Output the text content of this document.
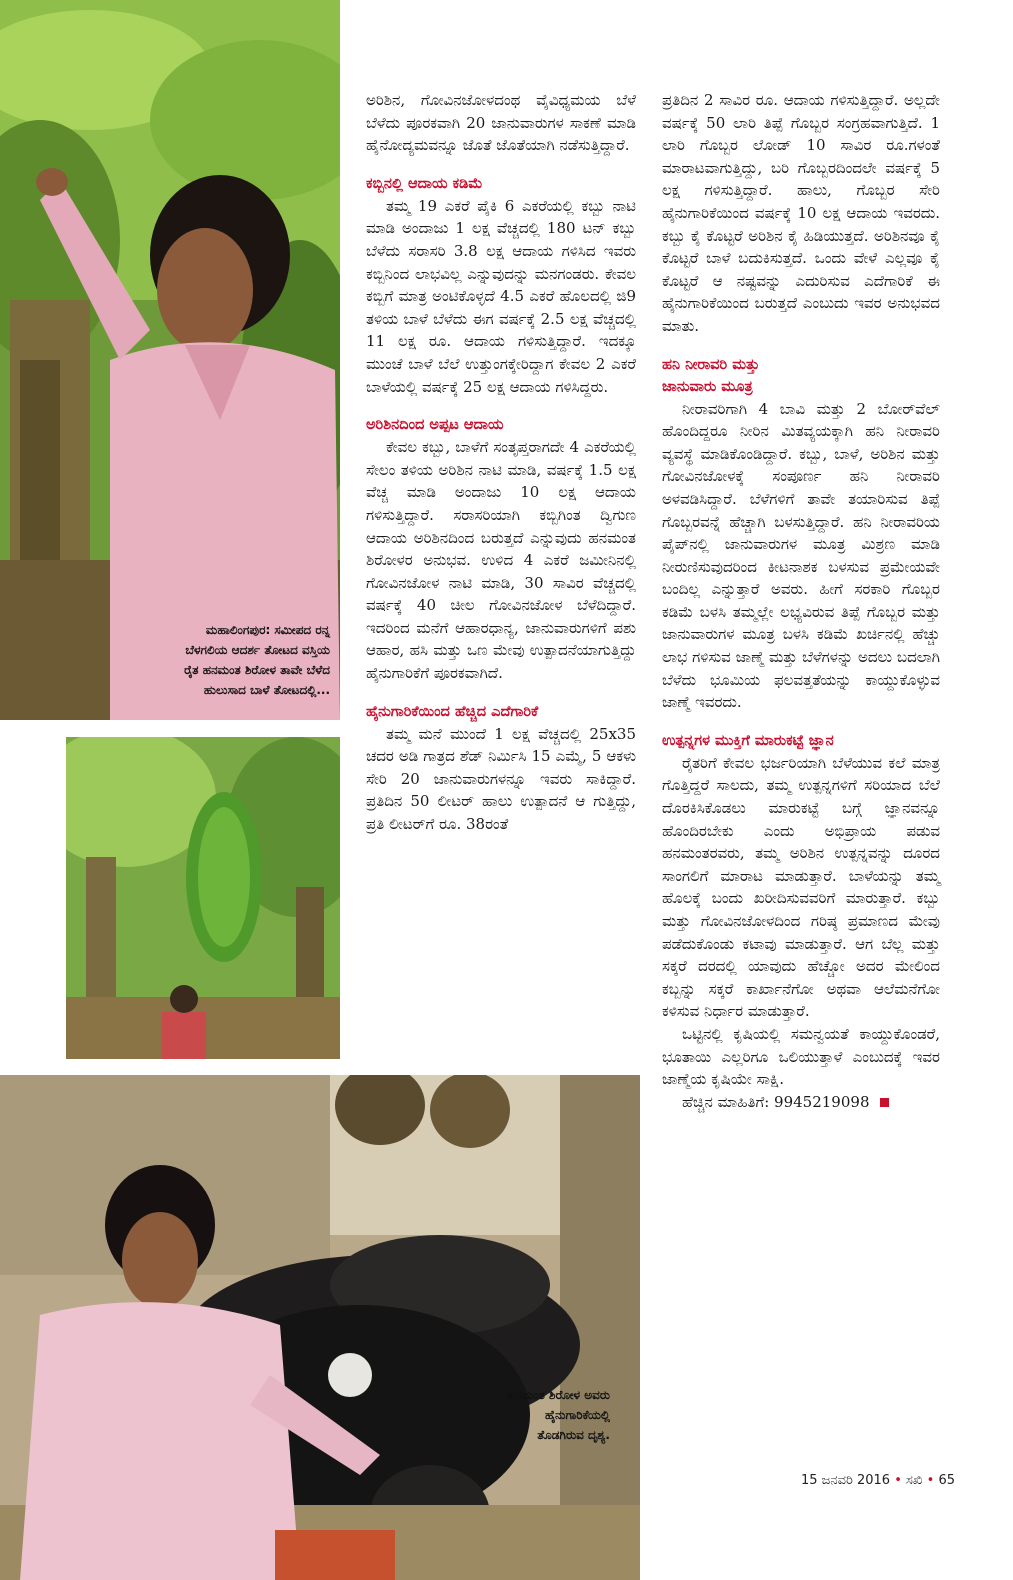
ಮಹಾಲಿಂಗಪುರ: ಸಮೀಪದ ರನ್ನ
ಬೆಳಗಲಿಯ ಆದರ್ಶ ತೋಟದ ವಸ್ತಿಯ
ರೈತ ಹನಮಂತ ಶಿರೋಳ ತಾವೇ ಬೆಳೆದ
ಹುಲುಸಾದ ಬಾಳೆ ತೋಟದಲ್ಲಿ...
ಹನಮಂತ ಶಿರೋಳ ಅವರು
ಹೈನುಗಾರಿಕೆಯಲ್ಲಿ
ತೊಡಗಿರುವ ದೃಶ್ಯ.

ಅರಿಶಿನ, ಗೋವಿನಜೋಳದಂಥ ವೈವಿಧ್ಯಮಯ ಬೆಳೆ ಬೆಳೆದು ಪೂರಕವಾಗಿ 20 ಜಾನುವಾರುಗಳ ಸಾಕಣೆ ಮಾಡಿ ಹೈನೋದ್ಯಮವನ್ನೂ ಜೊತೆ ಜೊತೆಯಾಗಿ ನಡೆಸುತ್ತಿದ್ದಾರೆ.

ಕಬ್ಬಿನಲ್ಲಿ ಆದಾಯ ಕಡಿಮೆ

ತಮ್ಮ 19 ಎಕರೆ ಪೈಕಿ 6 ಎಕರೆಯಲ್ಲಿ ಕಬ್ಬು ನಾಟಿ ಮಾಡಿ ಅಂದಾಜು 1 ಲಕ್ಷ ವೆಚ್ಚದಲ್ಲಿ 180 ಟನ್ ಕಬ್ಬು ಬೆಳೆದು ಸರಾಸರಿ 3.8 ಲಕ್ಷ ಆದಾಯ ಗಳಿಸಿದ ಇವರು ಕಬ್ಬಿನಿಂದ ಲಾಭವಿಲ್ಲ ಎನ್ನುವುದನ್ನು ಮನಗಂಡರು. ಕೇವಲ ಕಬ್ಬಿಗೆ ಮಾತ್ರ ಅಂಟಿಕೊಳ್ಳದೆ 4.5 ಎಕರೆ ಹೊಲದಲ್ಲಿ ಜಿ9 ತಳಿಯ ಬಾಳೆ ಬೆಳೆದು ಈಗ ವರ್ಷಕ್ಕೆ 2.5 ಲಕ್ಷ ವೆಚ್ಚದಲ್ಲಿ 11 ಲಕ್ಷ ರೂ. ಆದಾಯ ಗಳಿಸುತ್ತಿದ್ದಾರೆ. ಇದಕ್ಕೂ ಮುಂಚೆ ಬಾಳೆ ಬೆಲೆ ಉತ್ತುಂಗಕ್ಕೇರಿದ್ದಾಗ ಕೇವಲ 2 ಎಕರೆ ಬಾಳೆಯಲ್ಲಿ ವರ್ಷಕ್ಕೆ 25 ಲಕ್ಷ ಆದಾಯ ಗಳಿಸಿದ್ದರು.

ಅರಿಶಿನದಿಂದ ಅಪ್ಪಟ ಆದಾಯ

ಕೇವಲ ಕಬ್ಬು, ಬಾಳೆಗೆ ಸಂತೃಪ್ತರಾಗದೇ 4 ಎಕರೆಯಲ್ಲಿ ಸೇಲಂ ತಳಿಯ ಅರಿಶಿನ ನಾಟಿ ಮಾಡಿ, ವರ್ಷಕ್ಕೆ 1.5 ಲಕ್ಷ ವೆಚ್ಚ ಮಾಡಿ ಅಂದಾಜು 10 ಲಕ್ಷ ಆದಾಯ ಗಳಿಸುತ್ತಿದ್ದಾರೆ. ಸರಾಸರಿಯಾಗಿ ಕಬ್ಬಿಗಿಂತ ದ್ವಿಗುಣ ಆದಾಯ ಅರಿಶಿನದಿಂದ ಬರುತ್ತದೆ ಎನ್ನುವುದು ಹನಮಂತ ಶಿರೋಳರ ಅನುಭವ. ಉಳಿದ 4 ಎಕರೆ ಜಮೀನಿನಲ್ಲಿ ಗೋವಿನಜೋಳ ನಾಟಿ ಮಾಡಿ, 30 ಸಾವಿರ ವೆಚ್ಚದಲ್ಲಿ ವರ್ಷಕ್ಕೆ 40 ಚೀಲ ಗೋವಿನಜೋಳ ಬೆಳೆದಿದ್ದಾರೆ. ಇದರಿಂದ ಮನೆಗೆ ಆಹಾರಧಾನ್ಯ, ಜಾನುವಾರುಗಳಿಗೆ ಪಶು ಆಹಾರ, ಹಸಿ ಮತ್ತು ಒಣ ಮೇವು ಉತ್ಪಾದನೆಯಾಗುತ್ತಿದ್ದು ಹೈನುಗಾರಿಕೆಗೆ ಪೂರಕವಾಗಿದೆ.

ಹೈನುಗಾರಿಕೆಯಿಂದ ಹೆಚ್ಚಿದ ಎದೆಗಾರಿಕೆ

ತಮ್ಮ ಮನೆ ಮುಂದೆ 1 ಲಕ್ಷ ವೆಚ್ಚದಲ್ಲಿ 25x35 ಚದರ ಅಡಿ ಗಾತ್ರದ ಶೆಡ್ ನಿರ್ಮಿಸಿ 15 ಎಮ್ಮೆ, 5 ಆಕಳು ಸೇರಿ 20 ಜಾನುವಾರುಗಳನ್ನೂ ಇವರು ಸಾಕಿದ್ದಾರೆ. ಪ್ರತಿದಿನ 50 ಲೀಟರ್ ಹಾಲು ಉತ್ಪಾದನೆ ಆ ಗುತ್ತಿದ್ದು, ಪ್ರತಿ ಲೀಟರ್‌ಗೆ ರೂ. 38ರಂತೆ

ಪ್ರತಿದಿನ 2 ಸಾವಿರ ರೂ. ಆದಾಯ ಗಳಿಸುತ್ತಿದ್ದಾರೆ. ಅಲ್ಲದೇ ವರ್ಷಕ್ಕೆ 50 ಲಾರಿ ತಿಪ್ಪೆ ಗೊಬ್ಬರ ಸಂಗ್ರಹವಾಗುತ್ತಿದೆ. 1 ಲಾರಿ ಗೊಬ್ಬರ ಲೋಡ್ 10 ಸಾವಿರ ರೂ.ಗಳಂತೆ ಮಾರಾಟವಾಗುತ್ತಿದ್ದು, ಬರಿ ಗೊಬ್ಬರದಿಂದಲೇ ವರ್ಷಕ್ಕೆ 5 ಲಕ್ಷ ಗಳಿಸುತ್ತಿದ್ದಾರೆ. ಹಾಲು, ಗೊಬ್ಬರ ಸೇರಿ ಹೈನುಗಾರಿಕೆಯಿಂದ ವರ್ಷಕ್ಕೆ 10 ಲಕ್ಷ ಆದಾಯ ಇವರದು. ಕಬ್ಬು ಕೈ ಕೊಟ್ಟರೆ ಅರಿಶಿನ ಕೈ ಹಿಡಿಯುತ್ತದೆ. ಅರಿಶಿನವೂ ಕೈ ಕೊಟ್ಟರೆ ಬಾಳೆ ಬದುಕಿಸುತ್ತದೆ. ಒಂದು ವೇಳೆ ಎಲ್ಲವೂ ಕೈ ಕೊಟ್ಟರೆ ಆ ನಷ್ಟವನ್ನು ಎದುರಿಸುವ ಎದೆಗಾರಿಕೆ ಈ ಹೈನುಗಾರಿಕೆಯಿಂದ ಬರುತ್ತದೆ ಎಂಬುದು ಇವರ ಅನುಭವದ ಮಾತು.

ಹನಿ ನೀರಾವರಿ ಮತ್ತು
ಜಾನುವಾರು ಮೂತ್ರ

ನೀರಾವರಿಗಾಗಿ 4 ಬಾವಿ ಮತ್ತು 2 ಬೋರ್‌ವೆಲ್ ಹೊಂದಿದ್ದರೂ ನೀರಿನ ಮಿತವ್ಯಯಕ್ಕಾಗಿ ಹನಿ ನೀರಾವರಿ ವ್ಯವಸ್ಥೆ ಮಾಡಿಕೊಂಡಿದ್ದಾರೆ. ಕಬ್ಬು, ಬಾಳೆ, ಅರಿಶಿನ ಮತ್ತು ಗೋವಿನಜೋಳಕ್ಕೆ ಸಂಪೂರ್ಣ ಹನಿ ನೀರಾವರಿ ಅಳವಡಿಸಿದ್ದಾರೆ. ಬೆಳೆಗಳಿಗೆ ತಾವೇ ತಯಾರಿಸುವ ತಿಪ್ಪೆ ಗೊಬ್ಬರವನ್ನೆ ಹೆಚ್ಚಾಗಿ ಬಳಸುತ್ತಿದ್ದಾರೆ. ಹನಿ ನೀರಾವರಿಯ ಪೈಪ್‌ನಲ್ಲಿ ಜಾನುವಾರುಗಳ ಮೂತ್ರ ಮಿಶ್ರಣ ಮಾಡಿ ನೀರುಣಿಸುವುದರಿಂದ ಕೀಟನಾಶಕ ಬಳಸುವ ಪ್ರಮೇಯವೇ ಬಂದಿಲ್ಲ ಎನ್ನುತ್ತಾರೆ ಅವರು. ಹೀಗೆ ಸರಕಾರಿ ಗೊಬ್ಬರ ಕಡಿಮೆ ಬಳಸಿ ತಮ್ಮಲ್ಲೇ ಲಭ್ಯವಿರುವ ತಿಪ್ಪೆ ಗೊಬ್ಬರ ಮತ್ತು ಜಾನುವಾರುಗಳ ಮೂತ್ರ ಬಳಸಿ ಕಡಿಮೆ ಖರ್ಚಿನಲ್ಲಿ ಹೆಚ್ಚು ಲಾಭ ಗಳಿಸುವ ಜಾಣ್ಮೆ ಮತ್ತು ಬೆಳೆಗಳನ್ನು ಅದಲು ಬದಲಾಗಿ ಬೆಳೆದು ಭೂಮಿಯ ಫಲವತ್ತತೆಯನ್ನು ಕಾಯ್ದುಕೊಳ್ಳುವ ಜಾಣ್ಮೆ ಇವರದು.

ಉತ್ಪನ್ನಗಳ ಮುಕ್ತಿಗೆ ಮಾರುಕಟ್ಟೆ ಜ್ಞಾನ

ರೈತರಿಗೆ ಕೇವಲ ಭರ್ಜರಿಯಾಗಿ ಬೆಳೆಯುವ ಕಲೆ ಮಾತ್ರ ಗೊತ್ತಿದ್ದರೆ ಸಾಲದು, ತಮ್ಮ ಉತ್ಪನ್ನಗಳಿಗೆ ಸರಿಯಾದ ಬೆಲೆ ದೊರಕಿಸಿಕೊಡಲು ಮಾರುಕಟ್ಟೆ ಬಗ್ಗೆ ಜ್ಞಾನವನ್ನೂ ಹೊಂದಿರಬೇಕು ಎಂದು ಅಭಿಪ್ರಾಯ ಪಡುವ ಹನಮಂತರವರು, ತಮ್ಮ ಅರಿಶಿನ ಉತ್ಪನ್ನವನ್ನು ದೂರದ ಸಾಂಗಲಿಗೆ ಮಾರಾಟ ಮಾಡುತ್ತಾರೆ. ಬಾಳೆಯನ್ನು ತಮ್ಮ ಹೊಲಕ್ಕೆ ಬಂದು ಖರೀದಿಸುವವರಿಗೆ ಮಾರುತ್ತಾರೆ. ಕಬ್ಬು ಮತ್ತು ಗೋವಿನಜೋಳದಿಂದ ಗರಿಷ್ಠ ಪ್ರಮಾಣದ ಮೇವು ಪಡೆದುಕೊಂಡು ಕಟಾವು ಮಾಡುತ್ತಾರೆ. ಆಗ ಬೆಲ್ಲ ಮತ್ತು ಸಕ್ಕರೆ ದರದಲ್ಲಿ ಯಾವುದು ಹೆಚ್ಚೋ ಅದರ ಮೇಲಿಂದ ಕಬ್ಬನ್ನು ಸಕ್ಕರೆ ಕಾರ್ಖಾನೆಗೋ ಅಥವಾ ಆಲೆಮನೆಗೋ ಕಳಿಸುವ ನಿರ್ಧಾರ ಮಾಡುತ್ತಾರೆ.

ಒಟ್ಟಿನಲ್ಲಿ ಕೃಷಿಯಲ್ಲಿ ಸಮನ್ವಯತೆ ಕಾಯ್ದುಕೊಂಡರೆ, ಭೂತಾಯಿ ಎಲ್ಲರಿಗೂ ಒಲಿಯುತ್ತಾಳೆ ಎಂಬುದಕ್ಕೆ ಇವರ ಜಾಣ್ಮೆಯ ಕೃಷಿಯೇ ಸಾಕ್ಷಿ.

ಹೆಚ್ಚಿನ ಮಾಹಿತಿಗೆ: 9945219098

15 ಜನವರಿ 2016 • ಸಖಿ • 65
